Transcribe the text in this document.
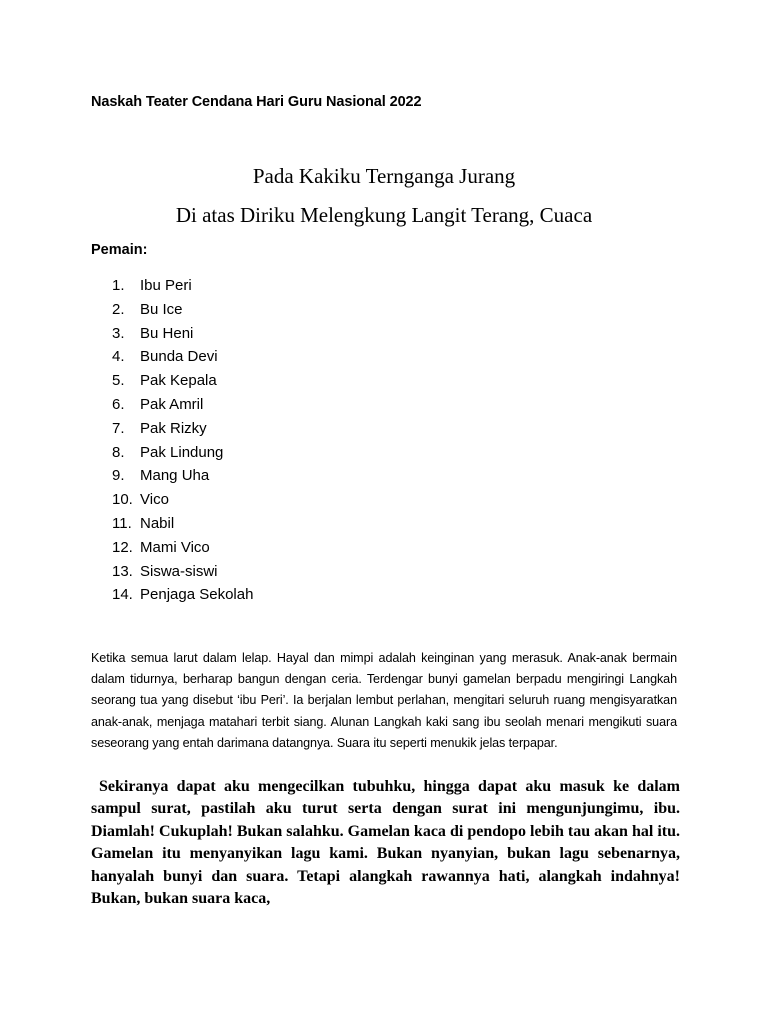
Naskah Teater Cendana Hari Guru Nasional 2022
Pada Kakiku Ternganga Jurang
Di atas Diriku Melengkung Langit Terang, Cuaca
Pemain:
1. Ibu Peri
2. Bu Ice
3. Bu Heni
4. Bunda Devi
5. Pak Kepala
6. Pak Amril
7. Pak Rizky
8. Pak Lindung
9. Mang Uha
10. Vico
11. Nabil
12. Mami Vico
13. Siswa-siswi
14. Penjaga Sekolah

Ketika semua larut dalam lelap. Hayal dan mimpi adalah keinginan yang merasuk. Anak-anak bermain dalam tidurnya, berharap bangun dengan ceria. Terdengar bunyi gamelan berpadu mengiringi Langkah seorang tua yang disebut ‘ibu Peri’. Ia berjalan lembut perlahan, mengitari seluruh ruang mengisyaratkan anak-anak, menjaga matahari terbit siang. Alunan Langkah kaki sang ibu seolah menari mengikuti suara seseorang yang entah darimana datangnya. Suara itu seperti menukik jelas terpapar.

Sekiranya dapat aku mengecilkan tubuhku, hingga dapat aku masuk ke dalam sampul surat, pastilah aku turut serta dengan surat ini mengunjungimu, ibu. Diamlah! Cukuplah! Bukan salahku. Gamelan kaca di pendopo lebih tau akan hal itu. Gamelan itu menyanyikan lagu kami. Bukan nyanyian, bukan lagu sebenarnya, hanyalah bunyi dan suara. Tetapi alangkah rawannya hati, alangkah indahnya! Bukan, bukan suara kaca,
